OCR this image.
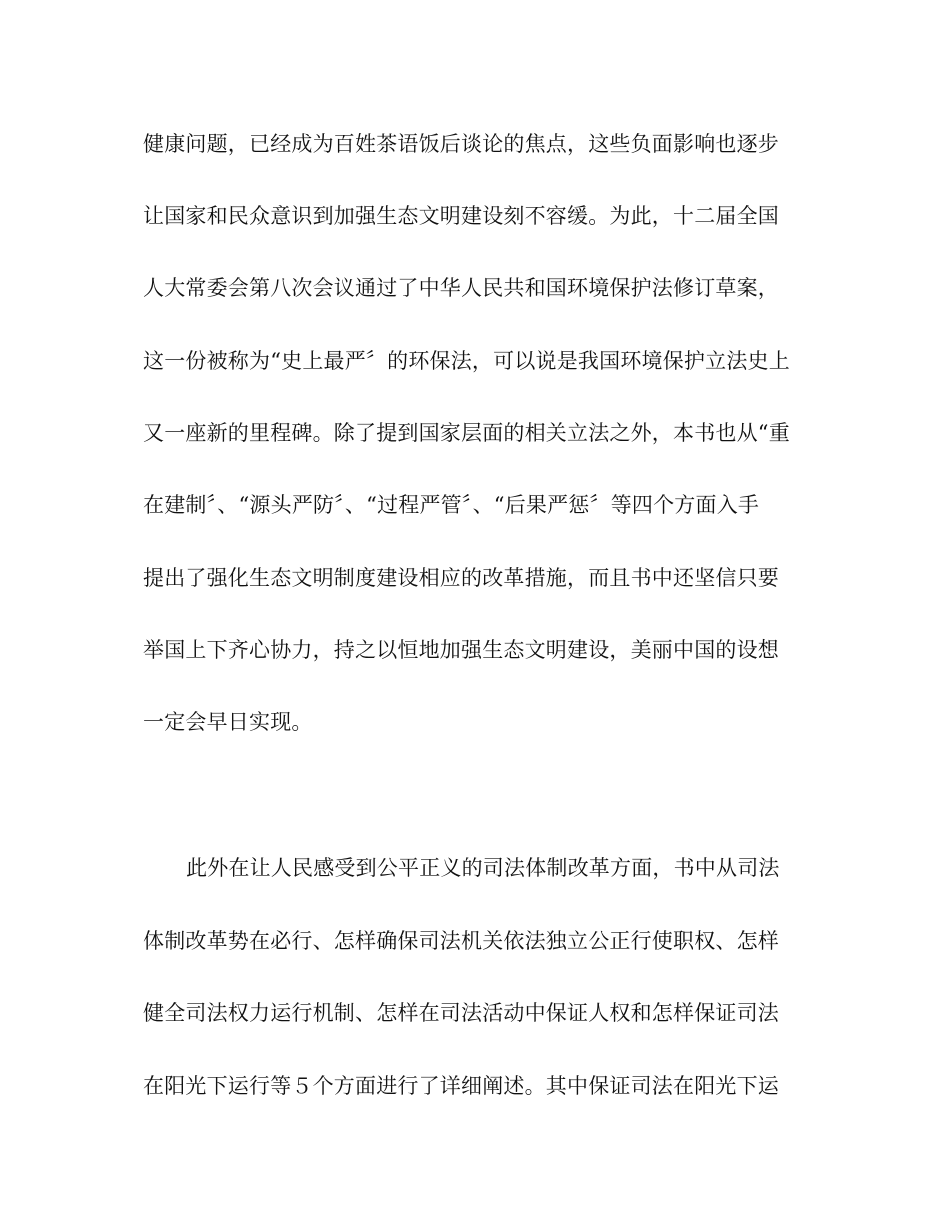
健康问题，已经成为百姓茶语饭后谈论的焦点，这些负面影响也逐步
让国家和民众意识到加强生态文明建设刻不容缓。为此，十二届全国
人大常委会第八次会议通过了中华人民共和国环境保护法修订草案，
这一份被称为“史上最严〞的环保法，可以说是我国环境保护立法史上
又一座新的里程碑。除了提到国家层面的相关立法之外，本书也从“重
在建制〞、“源头严防〞、“过程严管〞、“后果严惩〞等四个方面入手
提出了强化生态文明制度建设相应的改革措施，而且书中还坚信只要
举国上下齐心协力，持之以恒地加强生态文明建设，美丽中国的设想
一定会早日实现。
此外在让人民感受到公平正义的司法体制改革方面，书中从司法
体制改革势在必行、怎样确保司法机关依法独立公正行使职权、怎样
健全司法权力运行机制、怎样在司法活动中保证人权和怎样保证司法
在阳光下运行等５个方面进行了详细阐述。其中保证司法在阳光下运
